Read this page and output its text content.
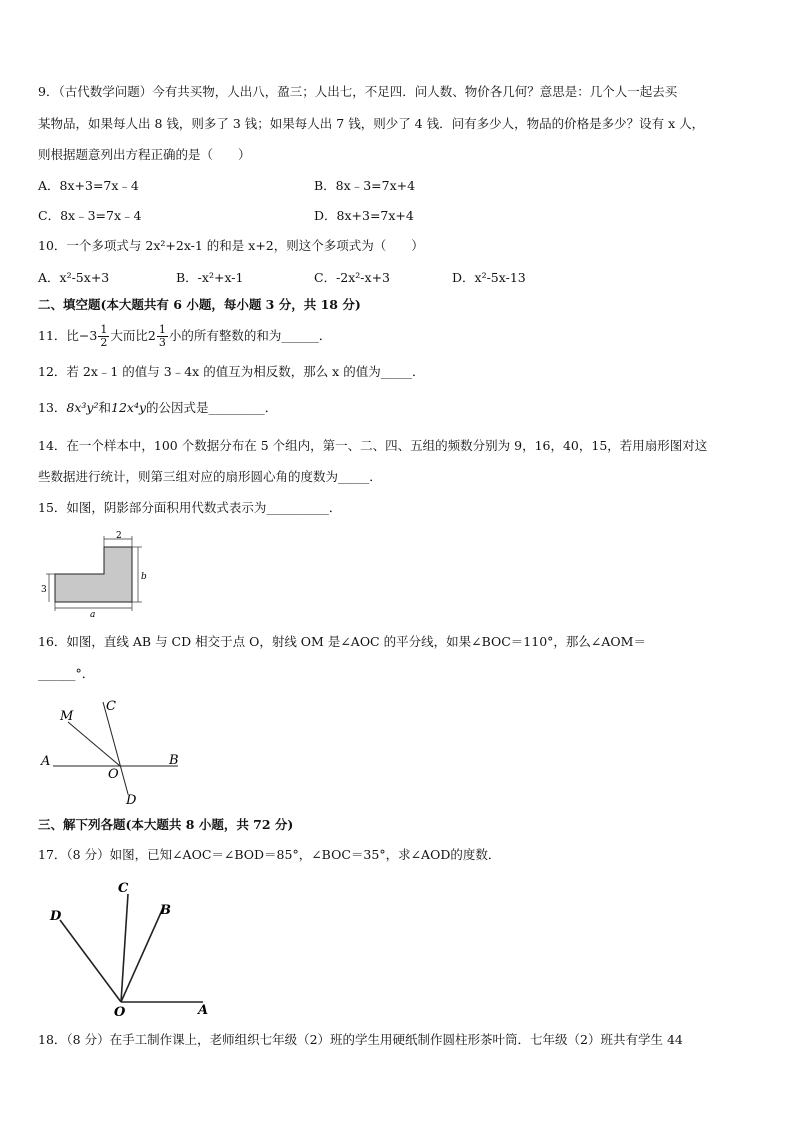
9．（古代数学问题）今有共买物，人出八，盈三；人出七，不足四．问人数、物价各几何？意思是：几个人一起去买
某物品，如果每人出 8 钱，则多了 3 钱；如果每人出 7 钱，则少了 4 钱．问有多少人，物品的价格是多少？设有 x 人，
则根据题意列出方程正确的是（　　）
A．8x+3=7x﹣4	B．8x﹣3=7x+4
C．8x﹣3=7x﹣4	D．8x+3=7x+4
10．一个多项式与 2x²+2x-1 的和是 x+2，则这个多项式为（　　）
A．x²-5x+3	B．-x²+x-1	C．-2x²-x+3	D．x²-5x-13
二、填空题(本大题共有 6 小题，每小题 3 分，共 18 分)
11．比$-3 \frac{1}{2}$ 大而比$2 \frac{1}{3}$ 小的所有整数的和为______．
12．若 2x﹣1 的值与 3﹣4x 的值互为相反数，那么 x 的值为_____．
13．8x³y²和12x⁴y的公因式是_________．
14．在一个样本中，100 个数据分布在 5 个组内，第一、二、四、五组的频数分别为 9，16，40，15，若用扇形图对这
些数据进行统计，则第三组对应的扇形圆心角的度数为_____．
15．如图，阴影部分面积用代数式表示为__________．
2
b
3
a
16．如图，直线 AB 与 CD 相交于点 O，射线 OM 是∠AOC 的平分线，如果∠BOC＝110°，那么∠AOM＝
______°．
M
C
A
O
B
D
三、解下列各题(本大题共 8 小题，共 72 分)
17．（8 分）如图，已知∠AOC＝∠BOD＝85°，∠BOC＝35°，求∠AOD的度数．
C
B
D
O	A
18．（8 分）在手工制作课上，老师组织七年级（2）班的学生用硬纸制作圆柱形茶叶筒．七年级（2）班共有学生 44
